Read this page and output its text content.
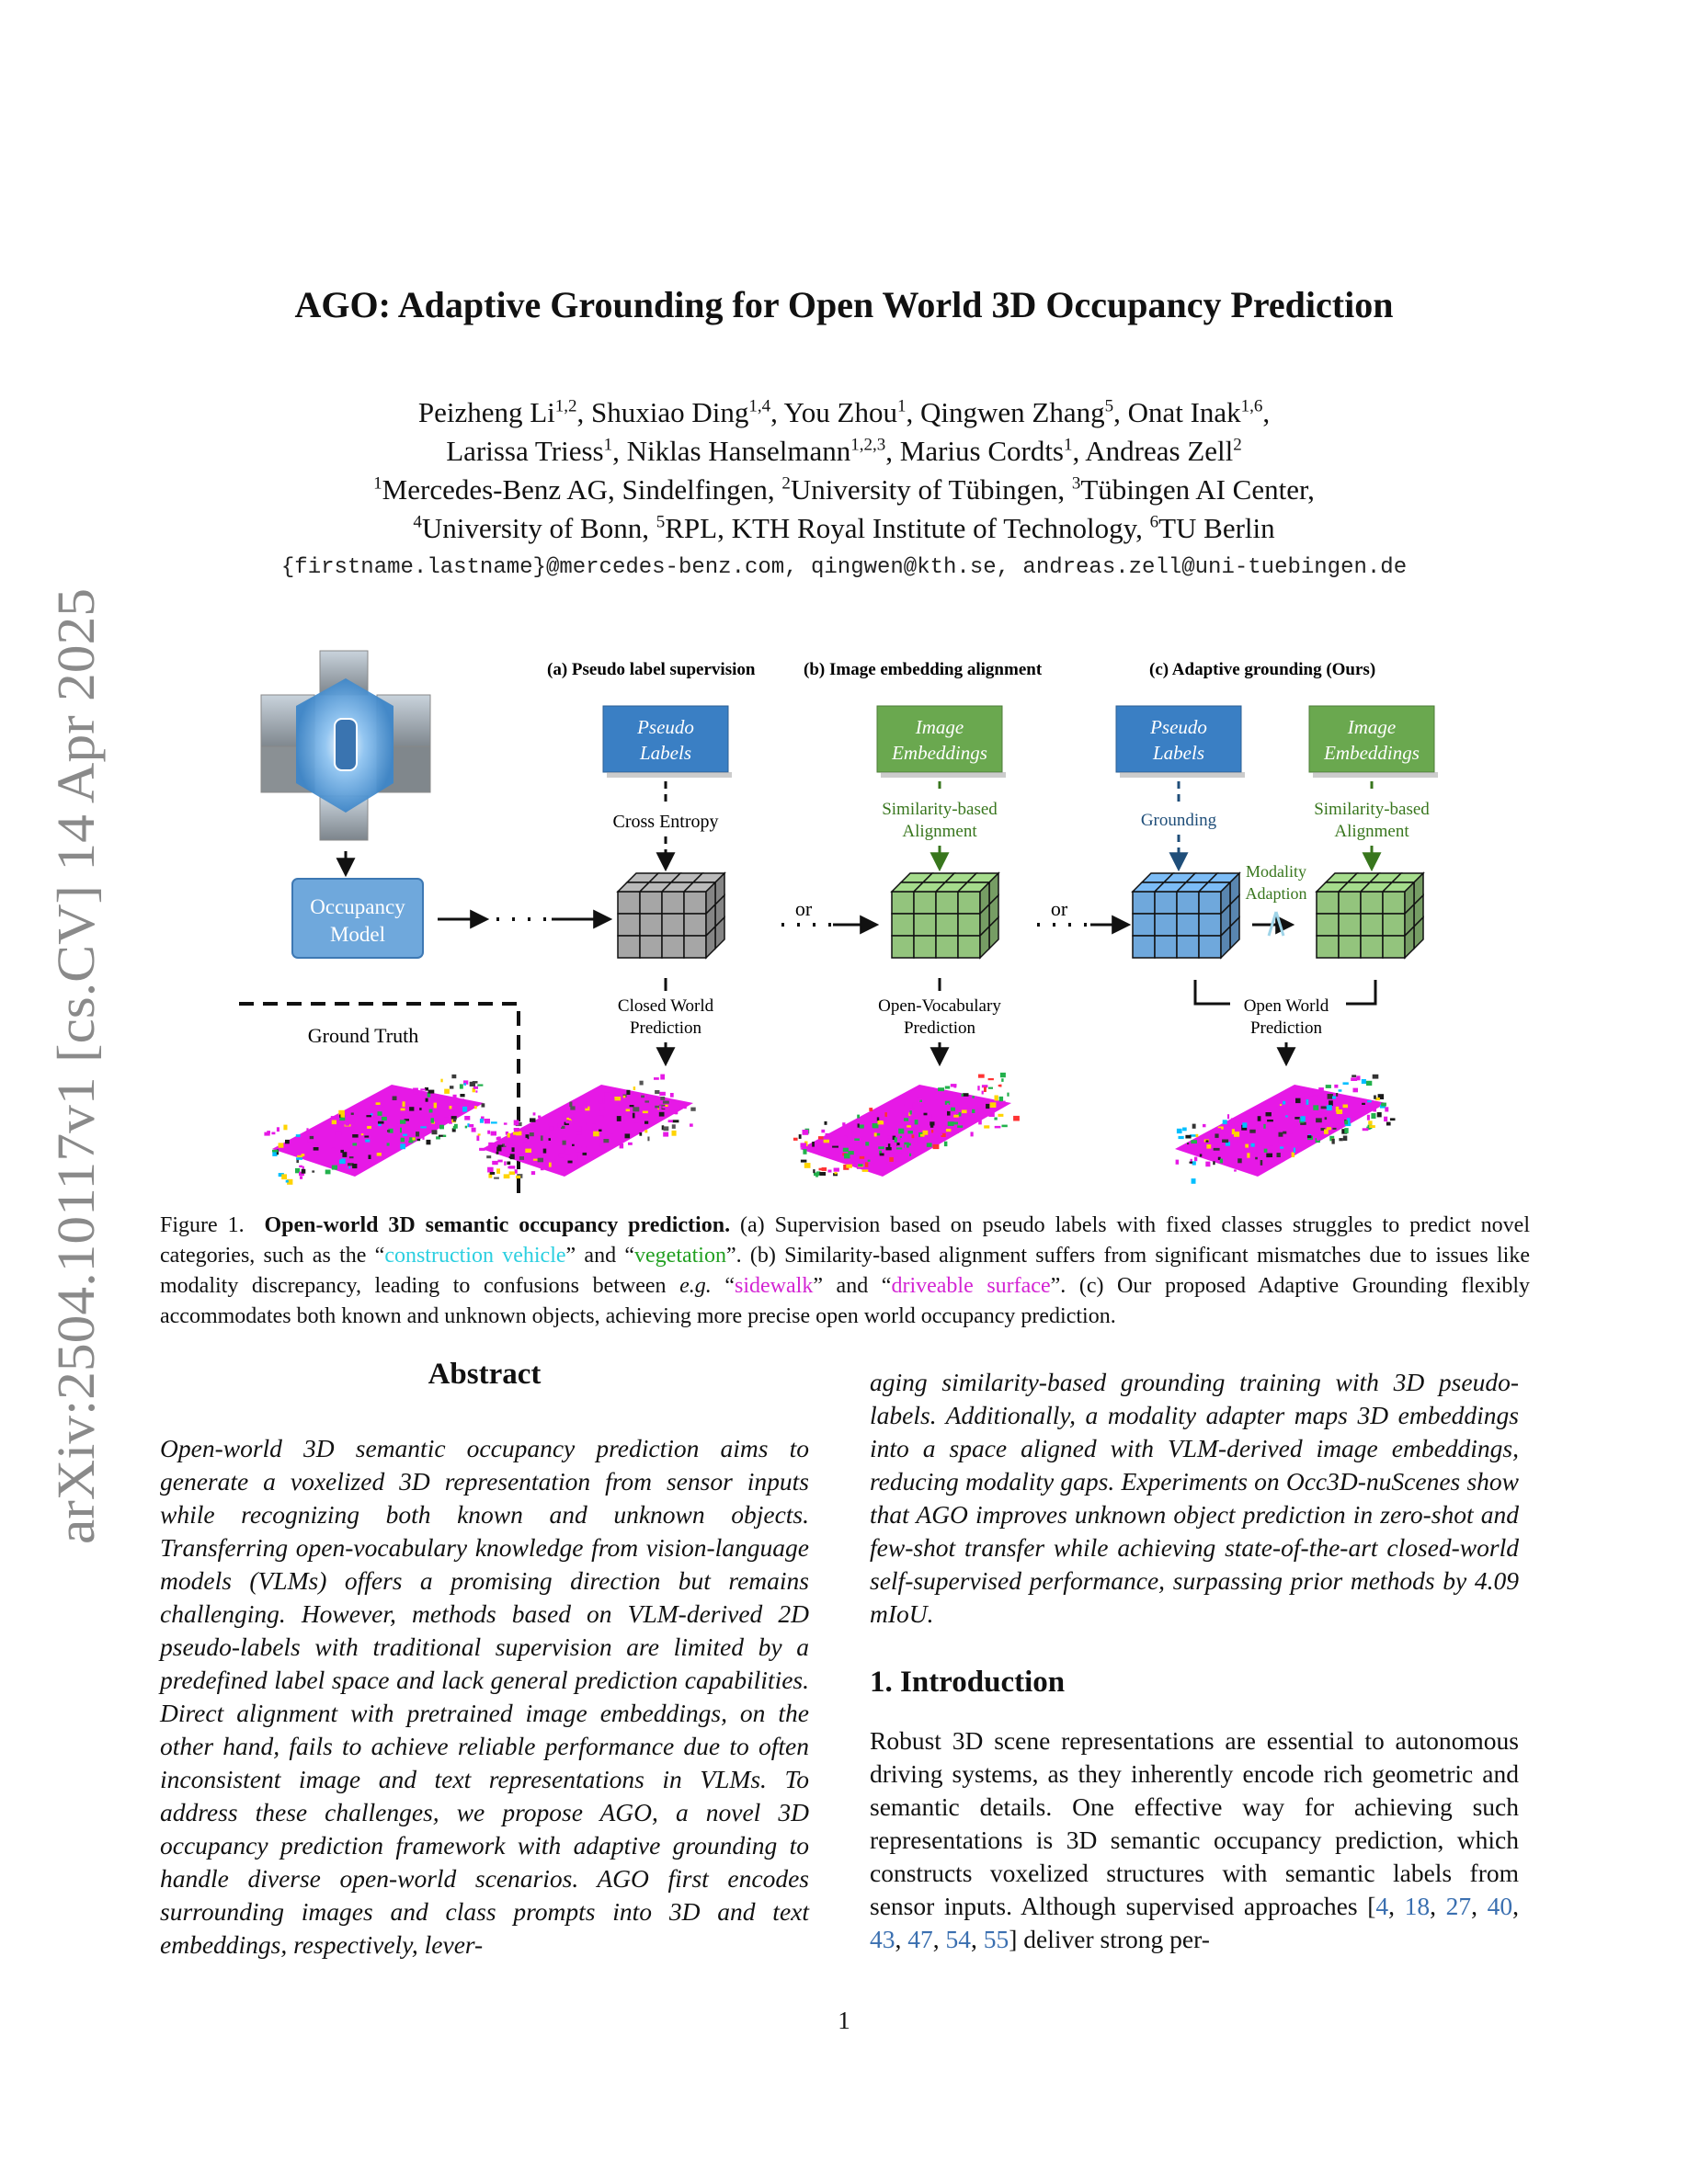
arXiv:2504.10117v1 [cs.CV] 14 Apr 2025
AGO: Adaptive Grounding for Open World 3D Occupancy Prediction
Peizheng Li$^{1,2}$, Shuxiao Ding$^{1,4}$, You Zhou$^1$, Qingwen Zhang$^5$, Onat Inak$^{1,6}$,
Larissa Triess$^1$, Niklas Hanselmann$^{1,2,3}$, Marius Cordts$^1$, Andreas Zell$^2$
$^1$Mercedes-Benz AG, Sindelfingen, $^2$University of Tübingen, $^3$Tübingen AI Center,
$^4$University of Bonn, $^5$RPL, KTH Royal Institute of Technology, $^6$TU Berlin
{firstname.lastname}@mercedes-benz.com, qingwen@kth.se, andreas.zell@uni-tuebingen.de
Occupancy
Model
(a) Pseudo label supervision	(b) Image embedding alignment	(c) Adaptive grounding (Ours)
Pseudo
Labels
Cross Entropy
Closed World
Prediction
or
Image
Embeddings
Similarity-based
Alignment
Open-Vocabulary
Prediction
or
Pseudo
Labels
Image
Embeddings
Grounding
Similarity-based
Alignment
Modality
Adaption
Open World
Prediction
Ground Truth
Figure 1. Open-world 3D semantic occupancy prediction. (a) Supervision based on pseudo labels with fixed classes struggles to predict novel categories, such as the “construction vehicle” and “vegetation”. (b) Similarity-based alignment suffers from significant mismatches due to issues like modality discrepancy, leading to confusions between e.g. “sidewalk” and “driveable surface”. (c) Our proposed Adaptive Grounding flexibly accommodates both known and unknown objects, achieving more precise open world occupancy prediction.
Abstract
Open-world 3D semantic occupancy prediction aims to generate a voxelized 3D representation from sensor inputs while recognizing both known and unknown objects. Transferring open-vocabulary knowledge from vision-language models (VLMs) offers a promising direction but remains challenging. However, methods based on VLM-derived 2D pseudo-labels with traditional supervision are limited by a predefined label space and lack general prediction capabilities. Direct alignment with pretrained image embeddings, on the other hand, fails to achieve reliable performance due to often inconsistent image and text representations in VLMs. To address these challenges, we propose AGO, a novel 3D occupancy prediction framework with adaptive grounding to handle diverse open-world scenarios. AGO first encodes surrounding images and class prompts into 3D and text embeddings, respectively, lever-
aging similarity-based grounding training with 3D pseudo-labels. Additionally, a modality adapter maps 3D embeddings into a space aligned with VLM-derived image embeddings, reducing modality gaps. Experiments on Occ3D-nuScenes show that AGO improves unknown object prediction in zero-shot and few-shot transfer while achieving state-of-the-art closed-world self-supervised performance, surpassing prior methods by 4.09 mIoU.
1. Introduction
Robust 3D scene representations are essential to autonomous driving systems, as they inherently encode rich geometric and semantic details. One effective way for achieving such representations is 3D semantic occupancy prediction, which constructs voxelized structures with semantic labels from sensor inputs. Although supervised approaches [4, 18, 27, 40, 43, 47, 54, 55] deliver strong per-
1
